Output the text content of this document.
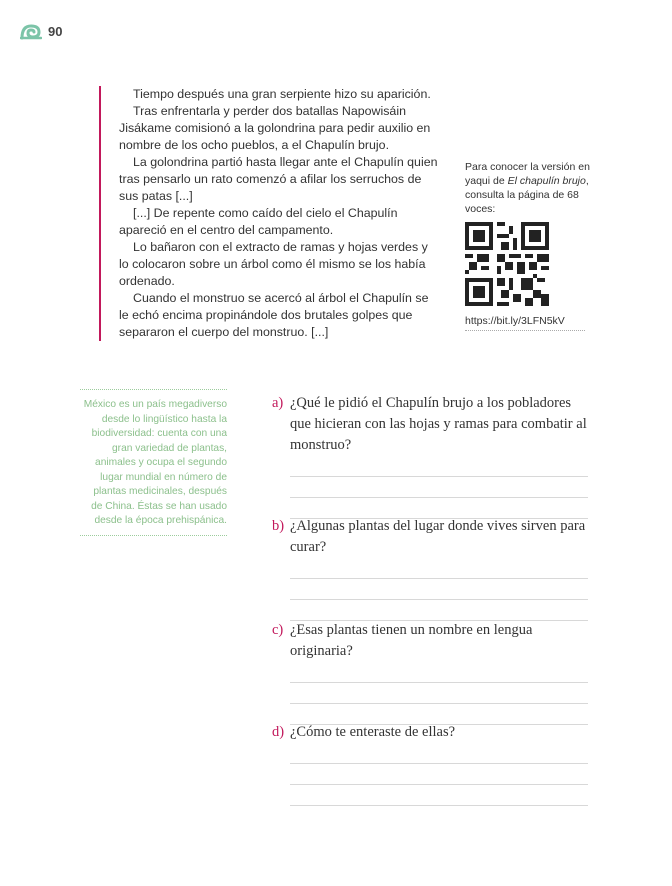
90

Tiempo después una gran serpiente hizo su aparición.

Tras enfrentarla y perder dos batallas Napowisáin Jisákame comisionó a la golondrina para pedir auxilio en nombre de los ocho pueblos, a el Chapulín brujo.

La golondrina partió hasta llegar ante el Chapulín quien tras pensarlo un rato comenzó a afilar los serruchos de sus patas [...]

[...] De repente como caído del cielo el Chapulín apareció en el centro del campamento.

Lo bañaron con el extracto de ramas y hojas verdes y lo colocaron sobre un árbol como él mismo se los había ordenado.

Cuando el monstruo se acercó al árbol el Chapulín se le echó encima propinándole dos brutales golpes que separaron el cuerpo del monstruo. [...]

Para conocer la versión en yaqui de El chapulín brujo, consulta la página de 68 voces:
https://bit.ly/3LFN5kV
México es un país megadiverso desde lo lingüístico hasta la biodiversidad: cuenta con una gran variedad de plantas, animales y ocupa el segundo lugar mundial en número de plantas medicinales, después de China. Éstas se han usado desde la época prehispánica.
a) ¿Qué le pidió el Chapulín brujo a los pobladores que hicieran con las hojas y ramas para combatir al monstruo?
b) ¿Algunas plantas del lugar donde vives sirven para curar?
c) ¿Esas plantas tienen un nombre en lengua originaria?
d) ¿Cómo te enteraste de ellas?
